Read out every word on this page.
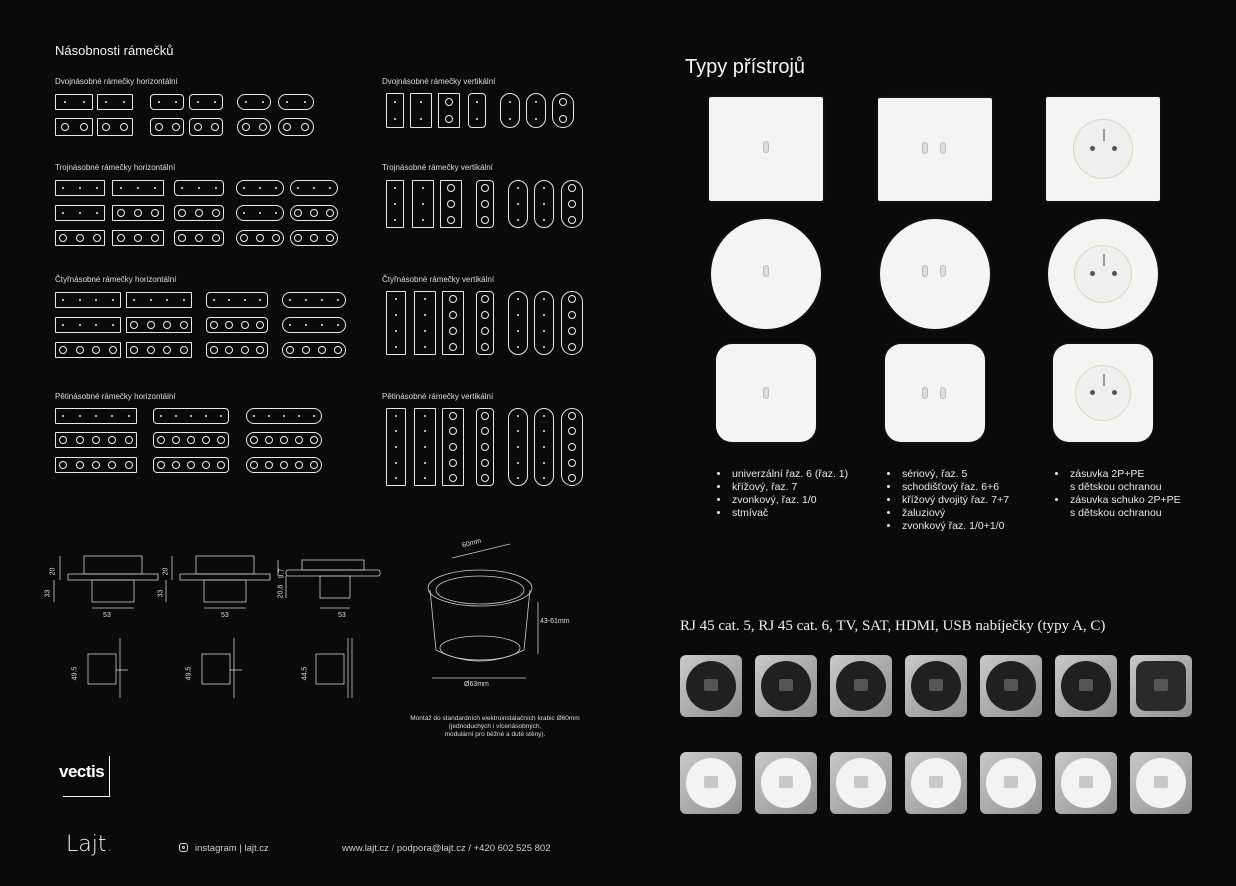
Násobnosti rámečků
Dvojnásobné rámečky horizontální	Dvojnásobné rámečky vertikální
Trojnásobné rámečky horizontální	Trojnásobné rámečky vertikální
Čtyřnásobné rámečky horizontální	Čtyřnásobné rámečky vertikální
Pětinásobné rámečky horizontální	Pětinásobné rámečky vertikální
20
33
53
20
33
53
9.7
20.8
53
49.5	49.5	44.5
60mm
43-61mm
Ø63mm
Montáž do standardních elektroinstalačních krabic Ø60mm
(jednoduchých i vícenásobných,
modulární pro běžné a duté stěny).
vectis
Lajt.	instagram | lajt.cz	www.lajt.cz / podpora@lajt.cz / +420 602 525 802
Typy přístrojů
• univerzální řaz. 6 (řaz. 1)
• křížový, řaz. 7
• zvonkový, řaz. 1/0
• stmívač
• sériový, řaz. 5
• schodišťový řaz. 6+6
• křížový dvojitý řaz. 7+7
• žaluziový
• zvonkový řaz. 1/0+1/0
• zásuvka 2P+PE
s dětskou ochranou
• zásuvka schuko 2P+PE
s dětskou ochranou
RJ 45 cat. 5, RJ 45 cat. 6, TV, SAT, HDMI, USB nabíječky (typy A, C)
